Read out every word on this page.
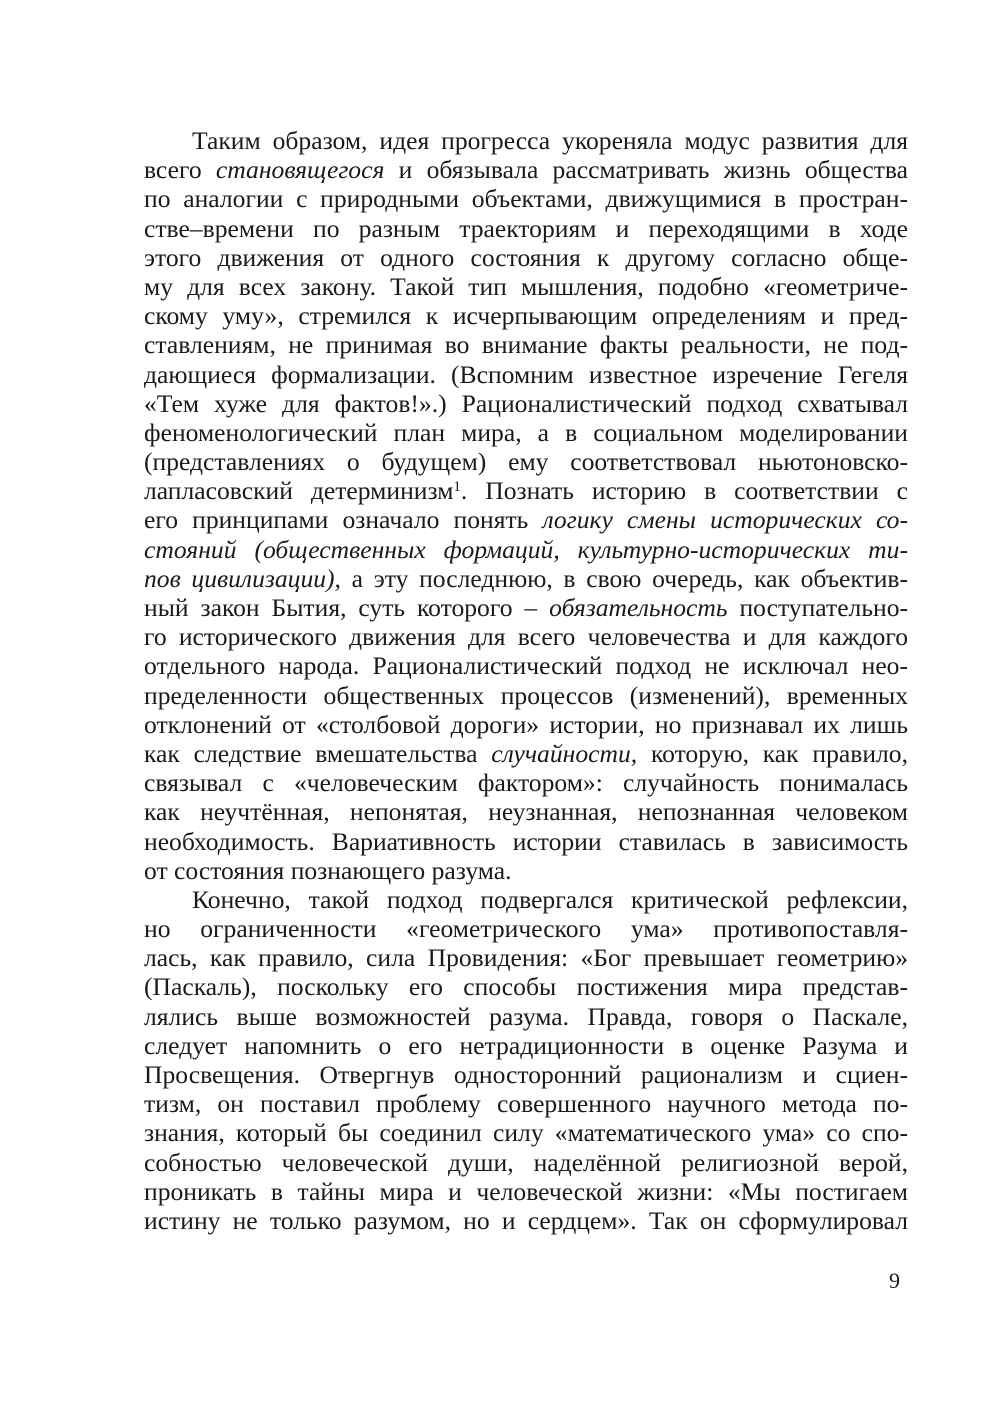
Таким образом, идея прогресса укореняла модус развития для
всего становящегося и обязывала рассматривать жизнь общества
по аналогии с природными объектами, движущимися в простран-
стве–времени по разным траекториям и переходящими в ходе
этого движения от одного состояния к другому согласно обще-
му для всех закону. Такой тип мышления, подобно «геометриче-
скому уму», стремился к исчерпывающим определениям и пред-
ставлениям, не принимая во внимание факты реальности, не под-
дающиеся формализации. (Вспомним известное изречение Гегеля
«Тем хуже для фактов!».) Рационалистический подход схватывал
феноменологический план мира, а в социальном моделировании
(представлениях о будущем) ему соответствовал ньютоновско-
лапласовский детерминизм$^1$. Познать историю в соответствии с
его принципами означало понять логику смены исторических со-
стояний (общественных формаций, культурно-исторических ти-
пов цивилизации), а эту последнюю, в свою очередь, как объектив-
ный закон Бытия, суть которого – обязательность поступательно-
го исторического движения для всего человечества и для каждого
отдельного народа. Рационалистический подход не исключал нео-
пределенности общественных процессов (изменений), временных
отклонений от «столбовой дороги» истории, но признавал их лишь
как следствие вмешательства случайности, которую, как правило,
связывал с «человеческим фактором»: случайность понималась
как неучтённая, непонятая, неузнанная, непознанная человеком
необходимость. Вариативность истории ставилась в зависимость
от состояния познающего разума.
Конечно, такой подход подвергался критической рефлексии,
но ограниченности «геометрического ума» противопоставля-
лась, как правило, сила Провидения: «Бог превышает геометрию»
(Паскаль), поскольку его способы постижения мира представ-
лялись выше возможностей разума. Правда, говоря о Паскале,
следует напомнить о его нетрадиционности в оценке Разума и
Просвещения. Отвергнув односторонний рационализм и сциен-
тизм, он поставил проблему совершенного научного метода по-
знания, который бы соединил силу «математического ума» со спо-
собностью человеческой души, наделённой религиозной верой,
проникать в тайны мира и человеческой жизни: «Мы постигаем
истину не только разумом, но и сердцем». Так он сформулировал
9
